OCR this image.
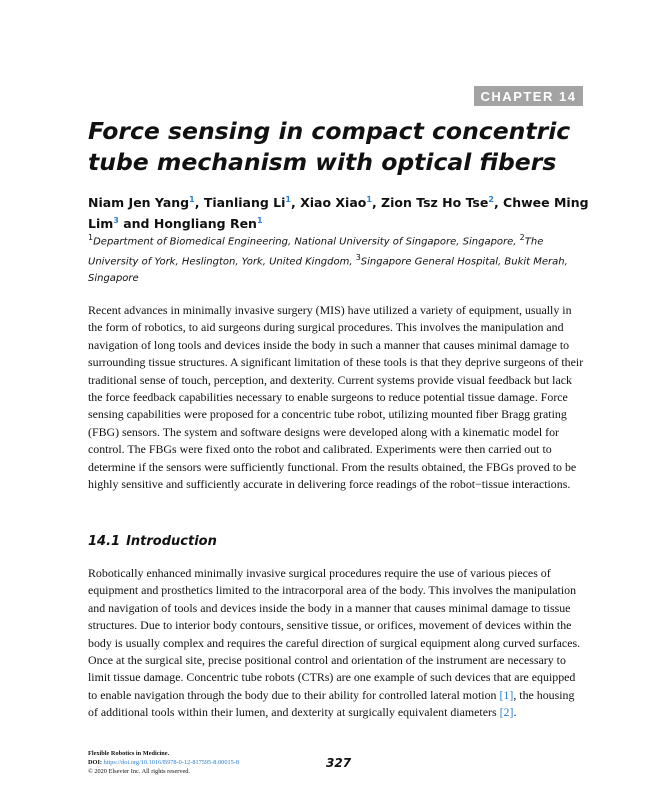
CHAPTER 14
Force sensing in compact concentric tube mechanism with optical fibers
Niam Jen Yang$^1$, Tianliang Li$^1$, Xiao Xiao$^1$, Zion Tsz Ho Tse$^2$, Chwee Ming Lim$^3$ and Hongliang Ren$^1$
$^1$Department of Biomedical Engineering, National University of Singapore, Singapore, $^2$The University of York, Heslington, York, United Kingdom, $^3$Singapore General Hospital, Bukit Merah, Singapore

Recent advances in minimally invasive surgery (MIS) have utilized a variety of equipment, usually in the form of robotics, to aid surgeons during surgical procedures. This involves the manipulation and navigation of long tools and devices inside the body in such a manner that causes minimal damage to surrounding tissue structures. A significant limitation of these tools is that they deprive surgeons of their traditional sense of touch, perception, and dexterity. Current systems provide visual feedback but lack the force feedback capabilities necessary to enable surgeons to reduce potential tissue damage. Force sensing capabilities were proposed for a concentric tube robot, utilizing mounted fiber Bragg grating (FBG) sensors. The system and software designs were developed along with a kinematic model for control. The FBGs were fixed onto the robot and calibrated. Experiments were then carried out to determine if the sensors were sufficiently functional. From the results obtained, the FBGs proved to be highly sensitive and sufficiently accurate in delivering force readings of the robot−tissue interactions.

14.1 Introduction

Robotically enhanced minimally invasive surgical procedures require the use of various pieces of equipment and prosthetics limited to the intracorporal area of the body. This involves the manipulation and navigation of tools and devices inside the body in a manner that causes minimal damage to tissue structures. Due to interior body contours, sensitive tissue, or orifices, movement of devices within the body is usually complex and requires the careful direction of surgical equipment along curved surfaces. Once at the surgical site, precise positional control and orientation of the instrument are necessary to limit tissue damage. Concentric tube robots (CTRs) are one example of such devices that are equipped to enable navigation through the body due to their ability for controlled lateral motion [1], the housing of additional tools within their lumen, and dexterity at surgically equivalent diameters [2].

Flexible Robotics in Medicine.
DOI: https://doi.org/10.1016/B978-0-12-817595-8.00015-8
© 2020 Elsevier Inc. All rights reserved.
327
